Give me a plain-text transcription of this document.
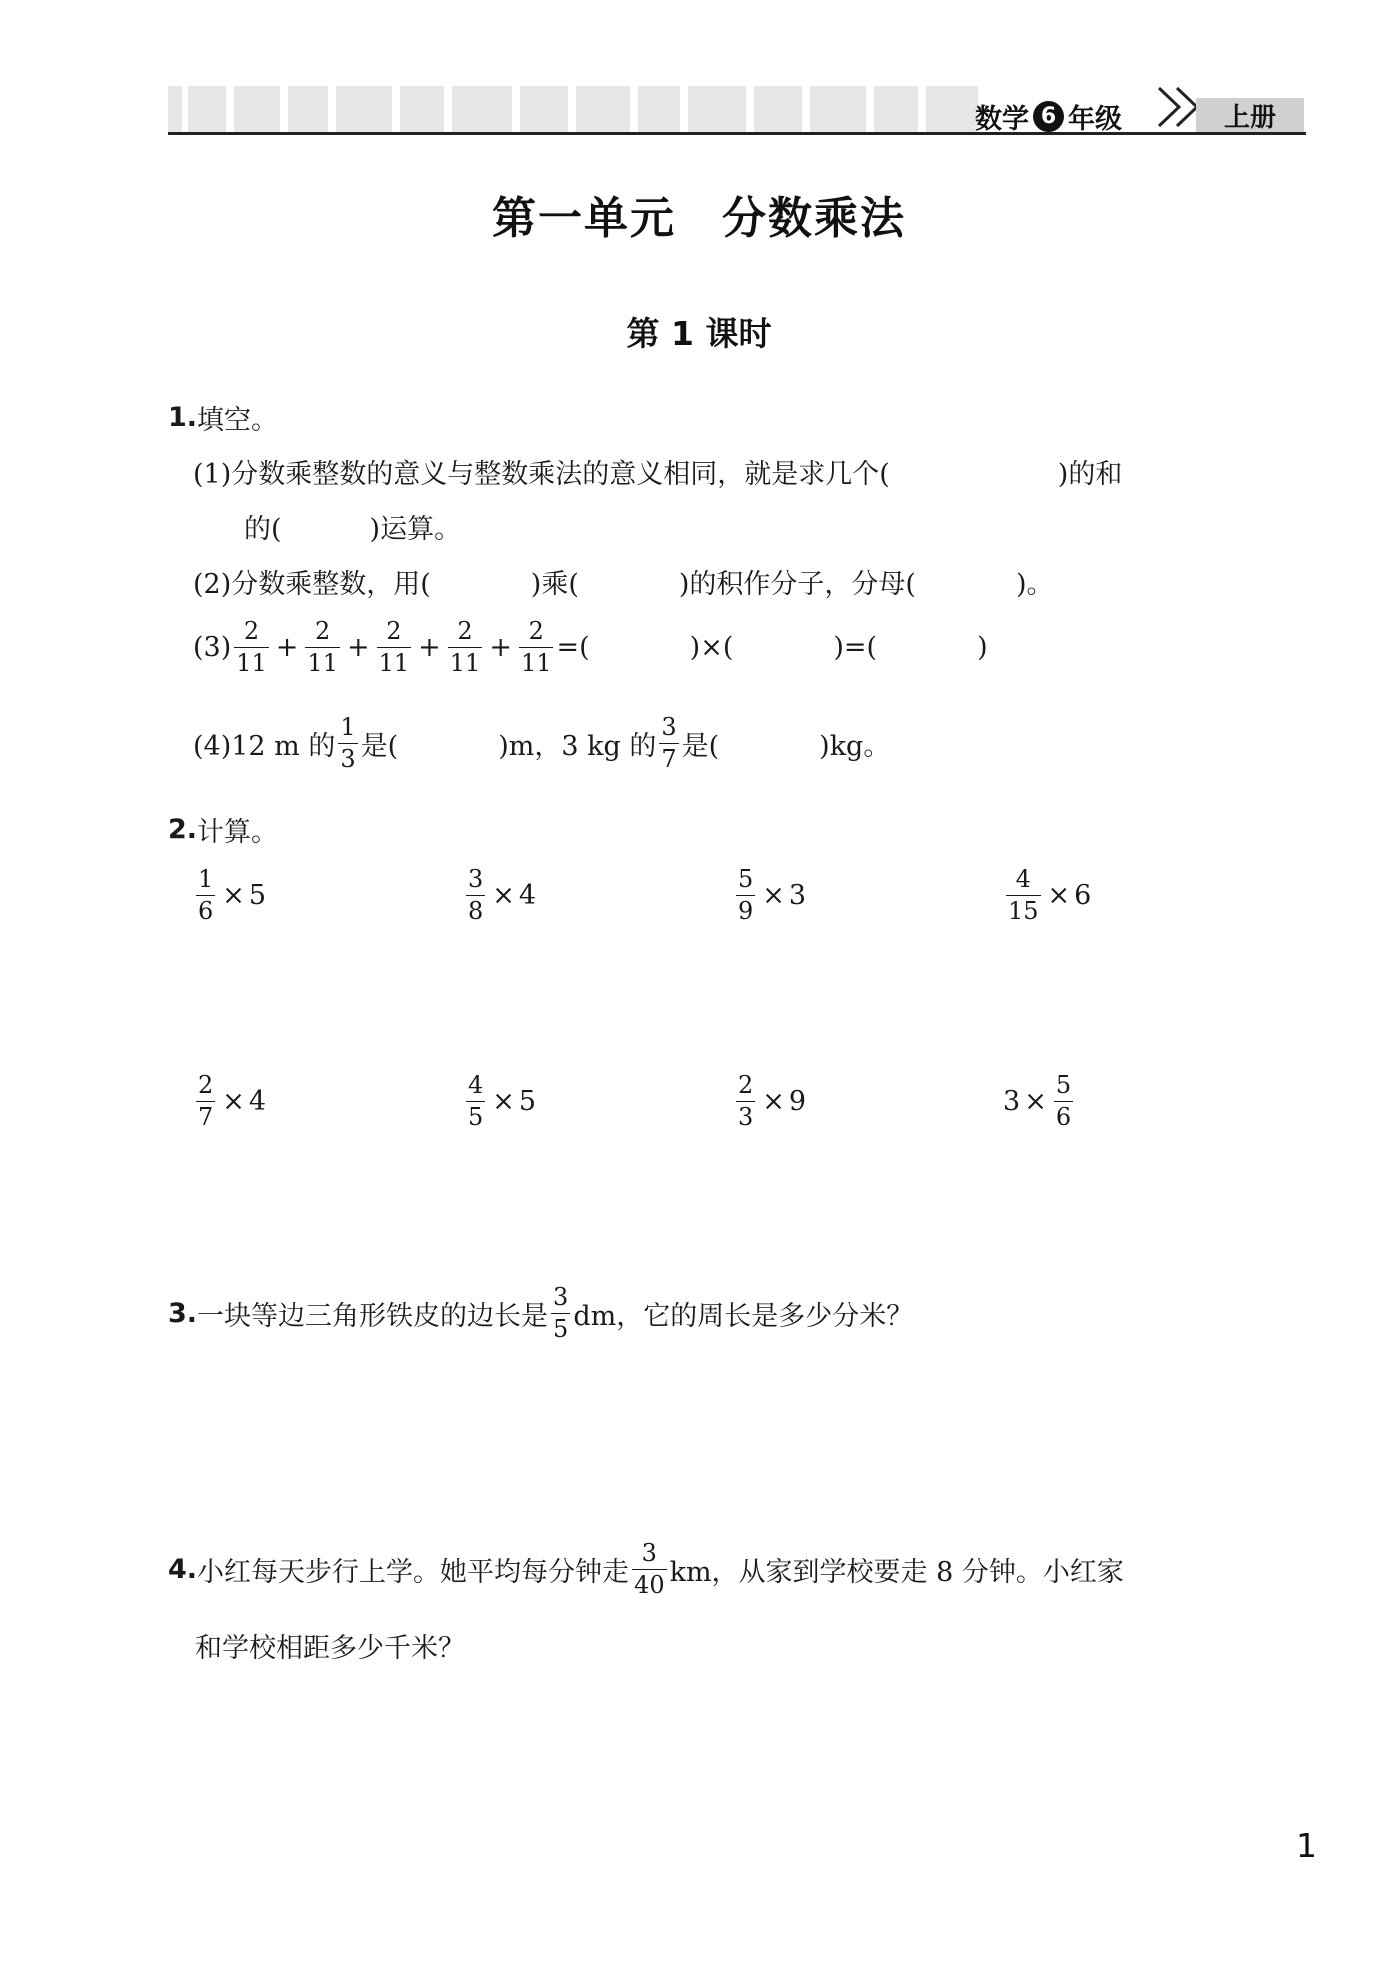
数学 6 年级	上册
第一单元　分数乘法
第 1 课时
1. 填空。
(1)分数乘整数的意义与整数乘法的意义相同，就是求几个(	)的和
的(	)运算。
(2)分数乘整数，用(	)乘(	)的积作分子，分母(	)。
$(3) \frac{2}{11} + \frac{2}{11} + \frac{2}{11} + \frac{2}{11} + \frac{2}{11}$ =(	)×(	)=(	)
(4)12 m 的 $\frac{1}{3}$ 是(	)m，3 kg 的 $\frac{3}{7}$ 是(	)kg。
2. 计算。
$\frac{1}{6} \times 5$	$\frac{3}{8} \times 4$	$\frac{5}{9} \times 3$	$\frac{4}{15} \times 6$
$\frac{2}{7} \times 4$	$\frac{4}{5} \times 5$	$\frac{2}{3} \times 9$	$3 \times \frac{5}{6}$
3. 一块等边三角形铁皮的边长是 $\frac{3}{5}$ dm，它的周长是多少分米？
4. 小红每天步行上学。她平均每分钟走 $\frac{3}{40}$ km，从家到学校要走 8 分钟。小红家
和学校相距多少千米？
1
